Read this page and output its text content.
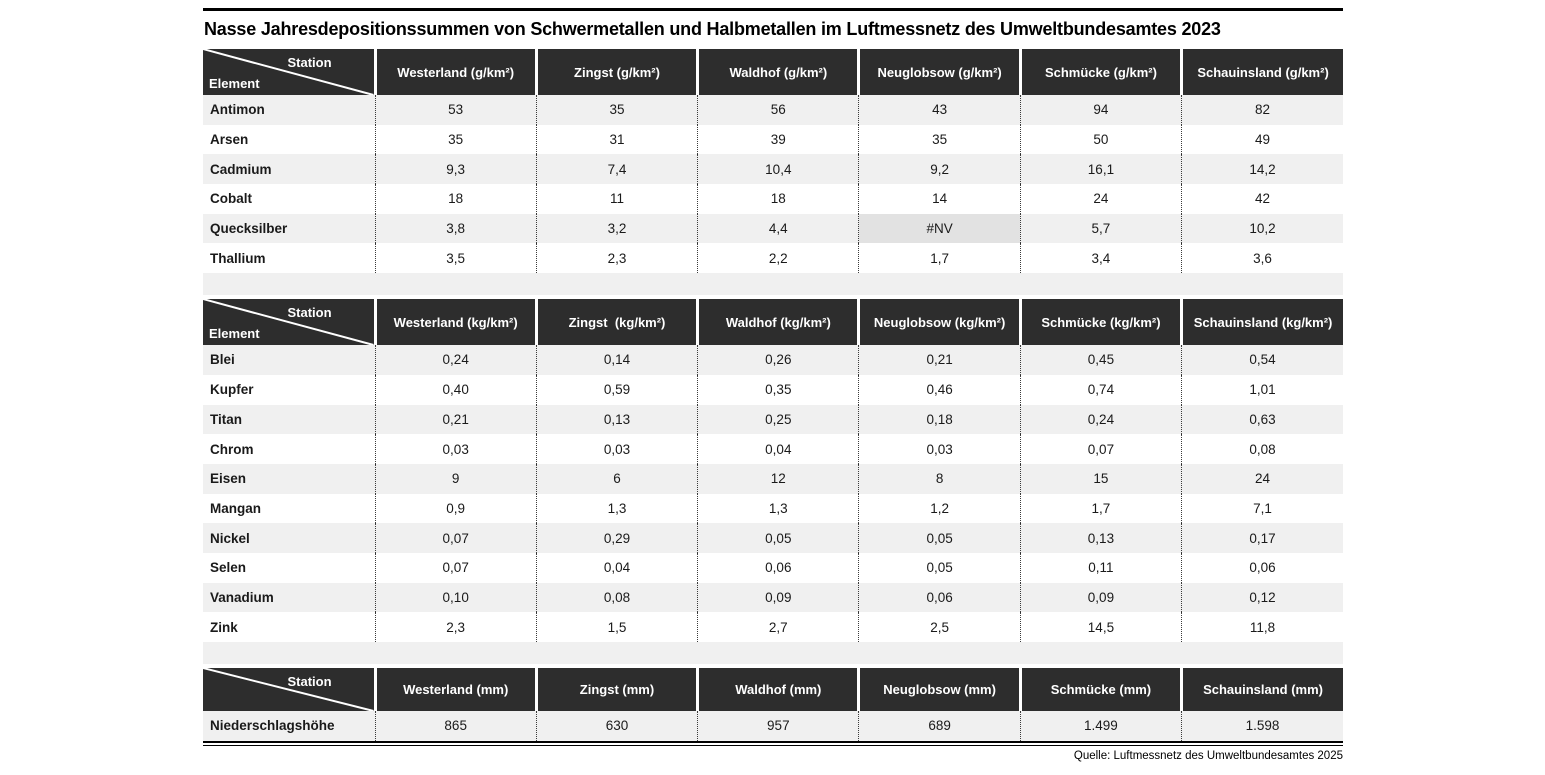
Nasse Jahresdepositionssummen von Schwermetallen und Halbmetallen im Luftmessnetz des Umweltbundesamtes 2023
Station
Element	Westerland (g/km²)	Zingst (g/km²)	Waldhof (g/km²)	Neuglobsow (g/km²)	Schmücke (g/km²)	Schauinsland (g/km²)
Antimon	53	35	56	43	94	82
Arsen	35	31	39	35	50	49
Cadmium	9,3	7,4	10,4	9,2	16,1	14,2
Cobalt	18	11	18	14	24	42
Quecksilber	3,8	3,2	4,4	#NV	5,7	10,2
Thallium	3,5	2,3	2,2	1,7	3,4	3,6
Station
Element	Westerland (kg/km²)	Zingst  (kg/km²)	Waldhof (kg/km²)	Neuglobsow (kg/km²)	Schmücke (kg/km²)	Schauinsland (kg/km²)
Blei	0,24	0,14	0,26	0,21	0,45	0,54
Kupfer	0,40	0,59	0,35	0,46	0,74	1,01
Titan	0,21	0,13	0,25	0,18	0,24	0,63
Chrom	0,03	0,03	0,04	0,03	0,07	0,08
Eisen	9	6	12	8	15	24
Mangan	0,9	1,3	1,3	1,2	1,7	7,1
Nickel	0,07	0,29	0,05	0,05	0,13	0,17
Selen	0,07	0,04	0,06	0,05	0,11	0,06
Vanadium	0,10	0,08	0,09	0,06	0,09	0,12
Zink	2,3	1,5	2,7	2,5	14,5	11,8
Station	Westerland (mm)	Zingst (mm)	Waldhof (mm)	Neuglobsow (mm)	Schmücke (mm)	Schauinsland (mm)
Niederschlagshöhe	865	630	957	689	1.499	1.598
Quelle: Luftmessnetz des Umweltbundesamtes 2025
